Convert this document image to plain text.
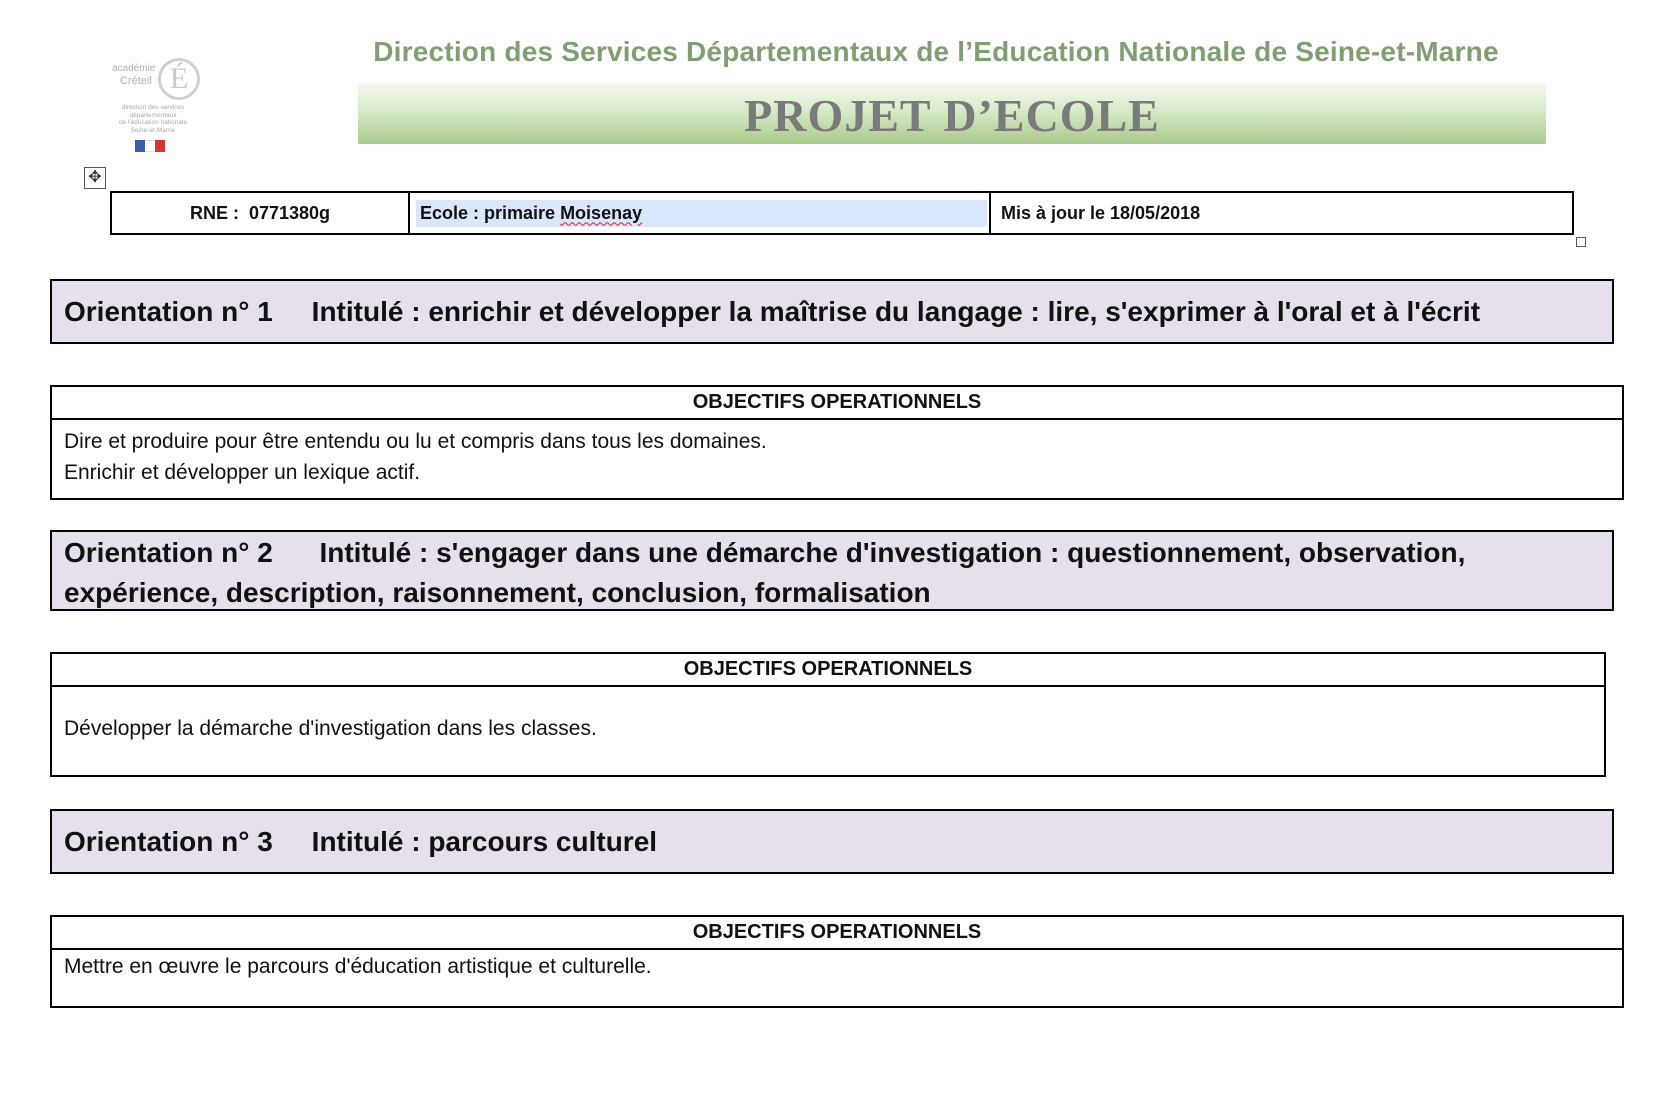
académie
Créteil É
direction des services
départementaux
de l'éducation nationale
Seine-et-Marne
Direction des Services Départementaux de l’Education Nationale de Seine-et-Marne
PROJET D’ECOLE
✥
RNE :  0771380g	Ecole : primaire Moisenay	Mis à jour le 18/05/2018
Orientation n° 1     Intitulé : enrichir et développer la maîtrise du langage : lire, s'exprimer à l'oral et à l'écrit
OBJECTIFS OPERATIONNELS
Dire et produire pour être entendu ou lu et compris dans tous les domaines.
Enrichir et développer un lexique actif.
Orientation n° 2      Intitulé : s'engager dans une démarche d'investigation : questionnement, observation, expérience, description, raisonnement, conclusion, formalisation
OBJECTIFS OPERATIONNELS
Développer la démarche d'investigation dans les classes.
Orientation n° 3     Intitulé : parcours culturel
OBJECTIFS OPERATIONNELS
Mettre en œuvre le parcours d'éducation artistique et culturelle.
